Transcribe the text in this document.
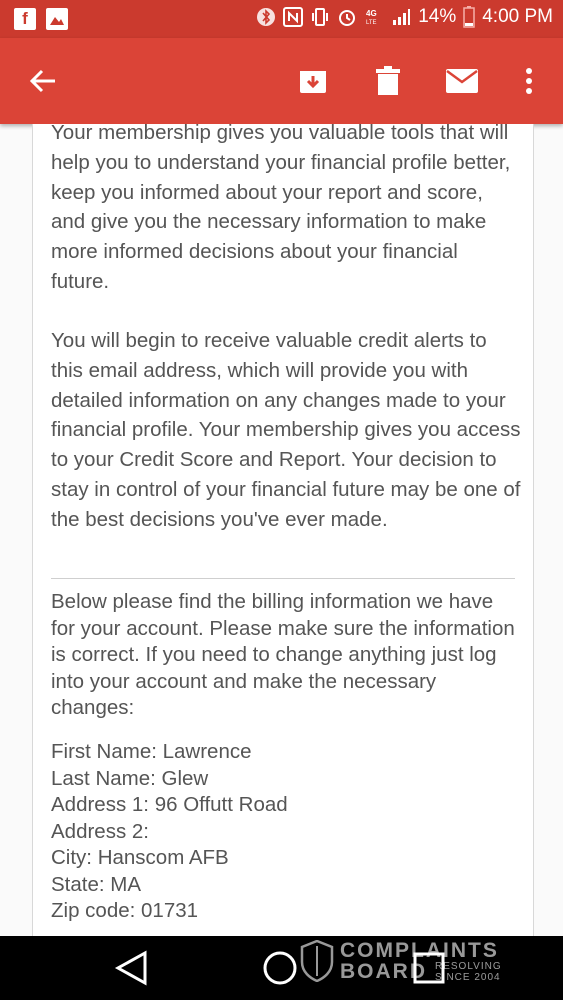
f	4G
LTE 14% 4:00 PM
Your membership gives you valuable tools that will help you to understand your financial profile better, keep you informed about your report and score, and give you the necessary information to make more informed decisions about your financial future.
You will begin to receive valuable credit alerts to this email address, which will provide you with detailed information on any changes made to your financial profile. Your membership gives you access to your Credit Score and Report. Your decision to stay in control of your financial future may be one of the best decisions you've ever made.
Below please find the billing information we have for your account. Please make sure the information is correct. If you need to change anything just log into your account and make the necessary changes:
First Name: Lawrence
Last Name: Glew
Address 1: 96 Offutt Road
Address 2:
City: Hanscom AFB
State: MA
Zip code: 01731
COMPLAINTS
BOARD RESOLVING
SINCE 2004
